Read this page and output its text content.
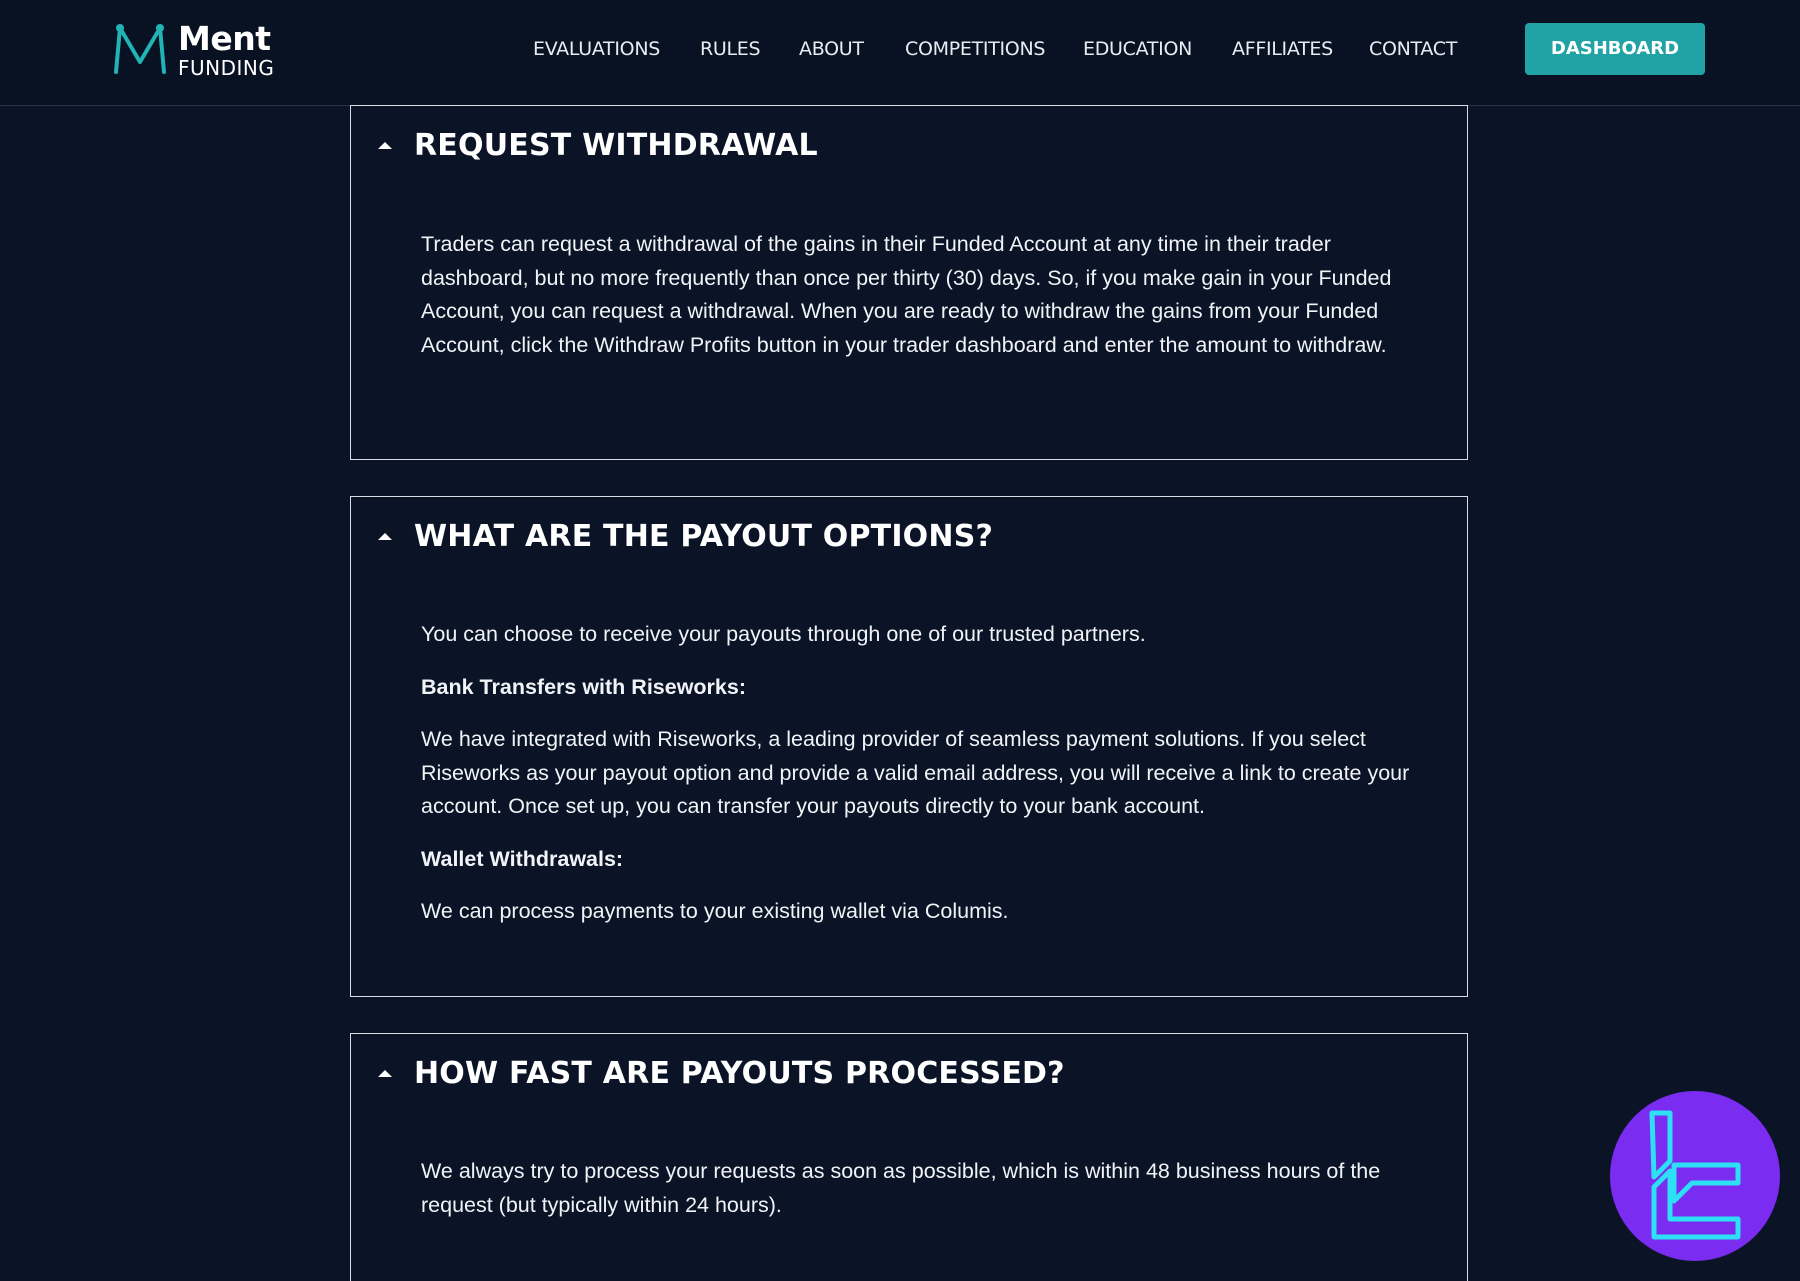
Ment
FUNDING
EVALUATIONS RULES ABOUT COMPETITIONS EDUCATION AFFILIATES CONTACT	DASHBOARD
REQUEST WITHDRAWAL

Traders can request a withdrawal of the gains in their Funded Account at any time in their trader dashboard, but no more frequently than once per thirty (30) days. So, if you make gain in your Funded Account, you can request a withdrawal. When you are ready to withdraw the gains from your Funded Account, click the Withdraw Profits button in your trader dashboard and enter the amount to withdraw.

WHAT ARE THE PAYOUT OPTIONS?

You can choose to receive your payouts through one of our trusted partners.

Bank Transfers with Riseworks:

We have integrated with Riseworks, a leading provider of seamless payment solutions. If you select Riseworks as your payout option and provide a valid email address, you will receive a link to create your account. Once set up, you can transfer your payouts directly to your bank account.

Wallet Withdrawals:

We can process payments to your existing wallet via Columis.

HOW FAST ARE PAYOUTS PROCESSED?

We always try to process your requests as soon as possible, which is within 48 business hours of the request (but typically within 24 hours).
